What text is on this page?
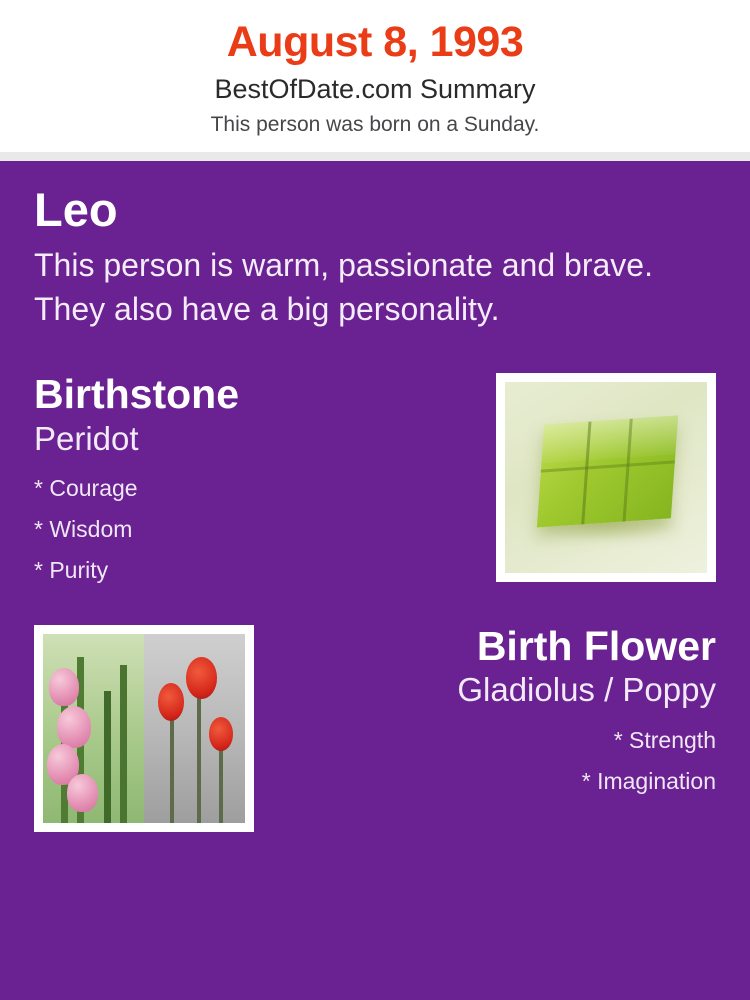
August 8, 1993
BestOfDate.com Summary
This person was born on a Sunday.
Leo
This person is warm, passionate and brave. They also have a big personality.
Birthstone
Peridot
* Courage
* Wisdom
* Purity
Birth Flower
Gladiolus / Poppy
* Strength
* Imagination
